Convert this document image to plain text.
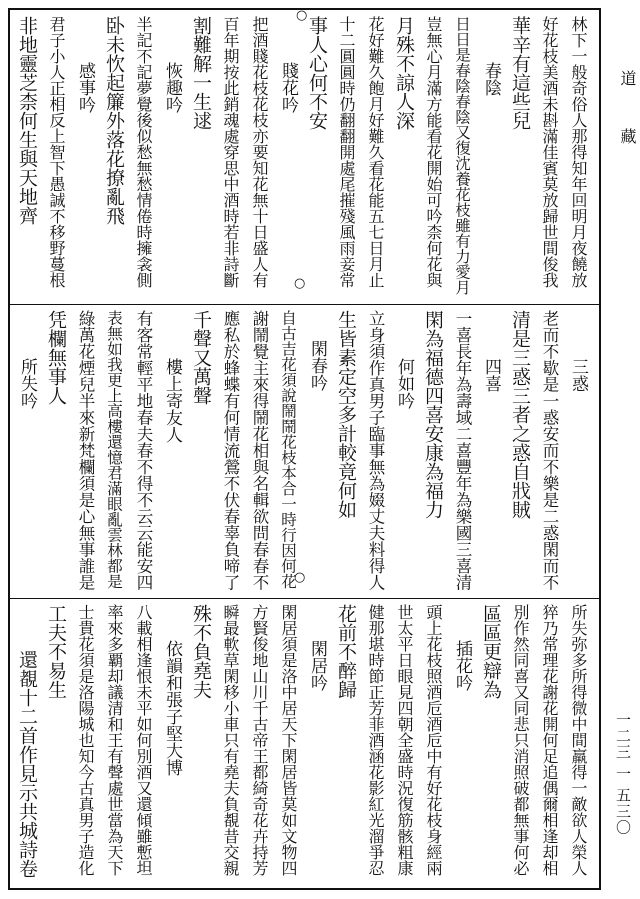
道
藏
一二三 一 五三〇
林下一般奇俗人那得知年回明月夜饒放
好花枝美酒未斟滿佳賓莫放歸世間俊我
華辛有這些兒
春陰
日日是春陰春陰又復沈養花枝雖有力愛月
豈無心月滿方能看花開始可吟柰何花與
月殊不諒人深
花好難久飽月好難久看花能五七日月止
十二圓圓時仍翻翻開處尾摧殘風雨妾常
事人心何不安
賤花吟
把酒賤花枝花枝亦要知花無十日盛人有
百年期按此銷魂處穿思中酒時若非詩斷
割難解一生逑
恢趣吟
半記不記夢覺後似愁無愁情倦時擁衾側
卧未忺起簾外落花撩亂飛
感事吟
君子小人正相反上智下愚誠不移野蔓根
非地靈芝柰何生與天地齊
三惑
老而不歇是一惑安而不樂是二惑閑而不
清是三惑三者之惑自戕賊
四喜
一喜長年為壽域二喜豐年為樂國三喜清
閑為福德四喜安康為福力
何如吟
立身須作真男子臨事無為娺丈夫料得人
生皆素定空多計較竟何如
閑春吟
自古吉花須說鬧鬧花枝本合一時行因何花
謝鬧覺主來得鬧花相與名輯欲問春春不
應私於蜂蝶有何情流鶯不伏春辜負啼了
千聲又萬聲
樓上寄友人
有客常輕平地春夫春不得不云云能安四
表無如我更上高樓還憶君滿眼亂雲林都是
綠萬花煙兒半來新梵欄須是心無事誰是
凭欄無事人
所失吟
所失弥多所得微中間羸得一敵欲人榮人
猝乃常理花謝花開何足追偶爾相逢却相
別作然同喜又同悲只消照破都無事何必
區區更辯為
插花吟
頭上花枝照酒卮酒卮中有好花枝身經兩
世太平日眼見四朝全盛時況復筋骸粗康
健那堪時節正芳菲酒涵花影紅光溜爭忍
花前不醉歸
閑居吟
閑居須是洛中居天下閑居皆莫如文物四
方賢俊地山川千古帝王都綺奇花卉持芳
瞬最軟草閑移小車只有堯夫負覩昔交親
殊不負堯夫
依韻和張子堅大博
八載相逢恨未平如何別酒又還傾雖慙坦
率來多覇却議清和王有聲處世當為天下
士貴花須是洛陽城也知今古真男子造化
工夫不易生
還覩十二首作見示共城詩卷
○
○
○
